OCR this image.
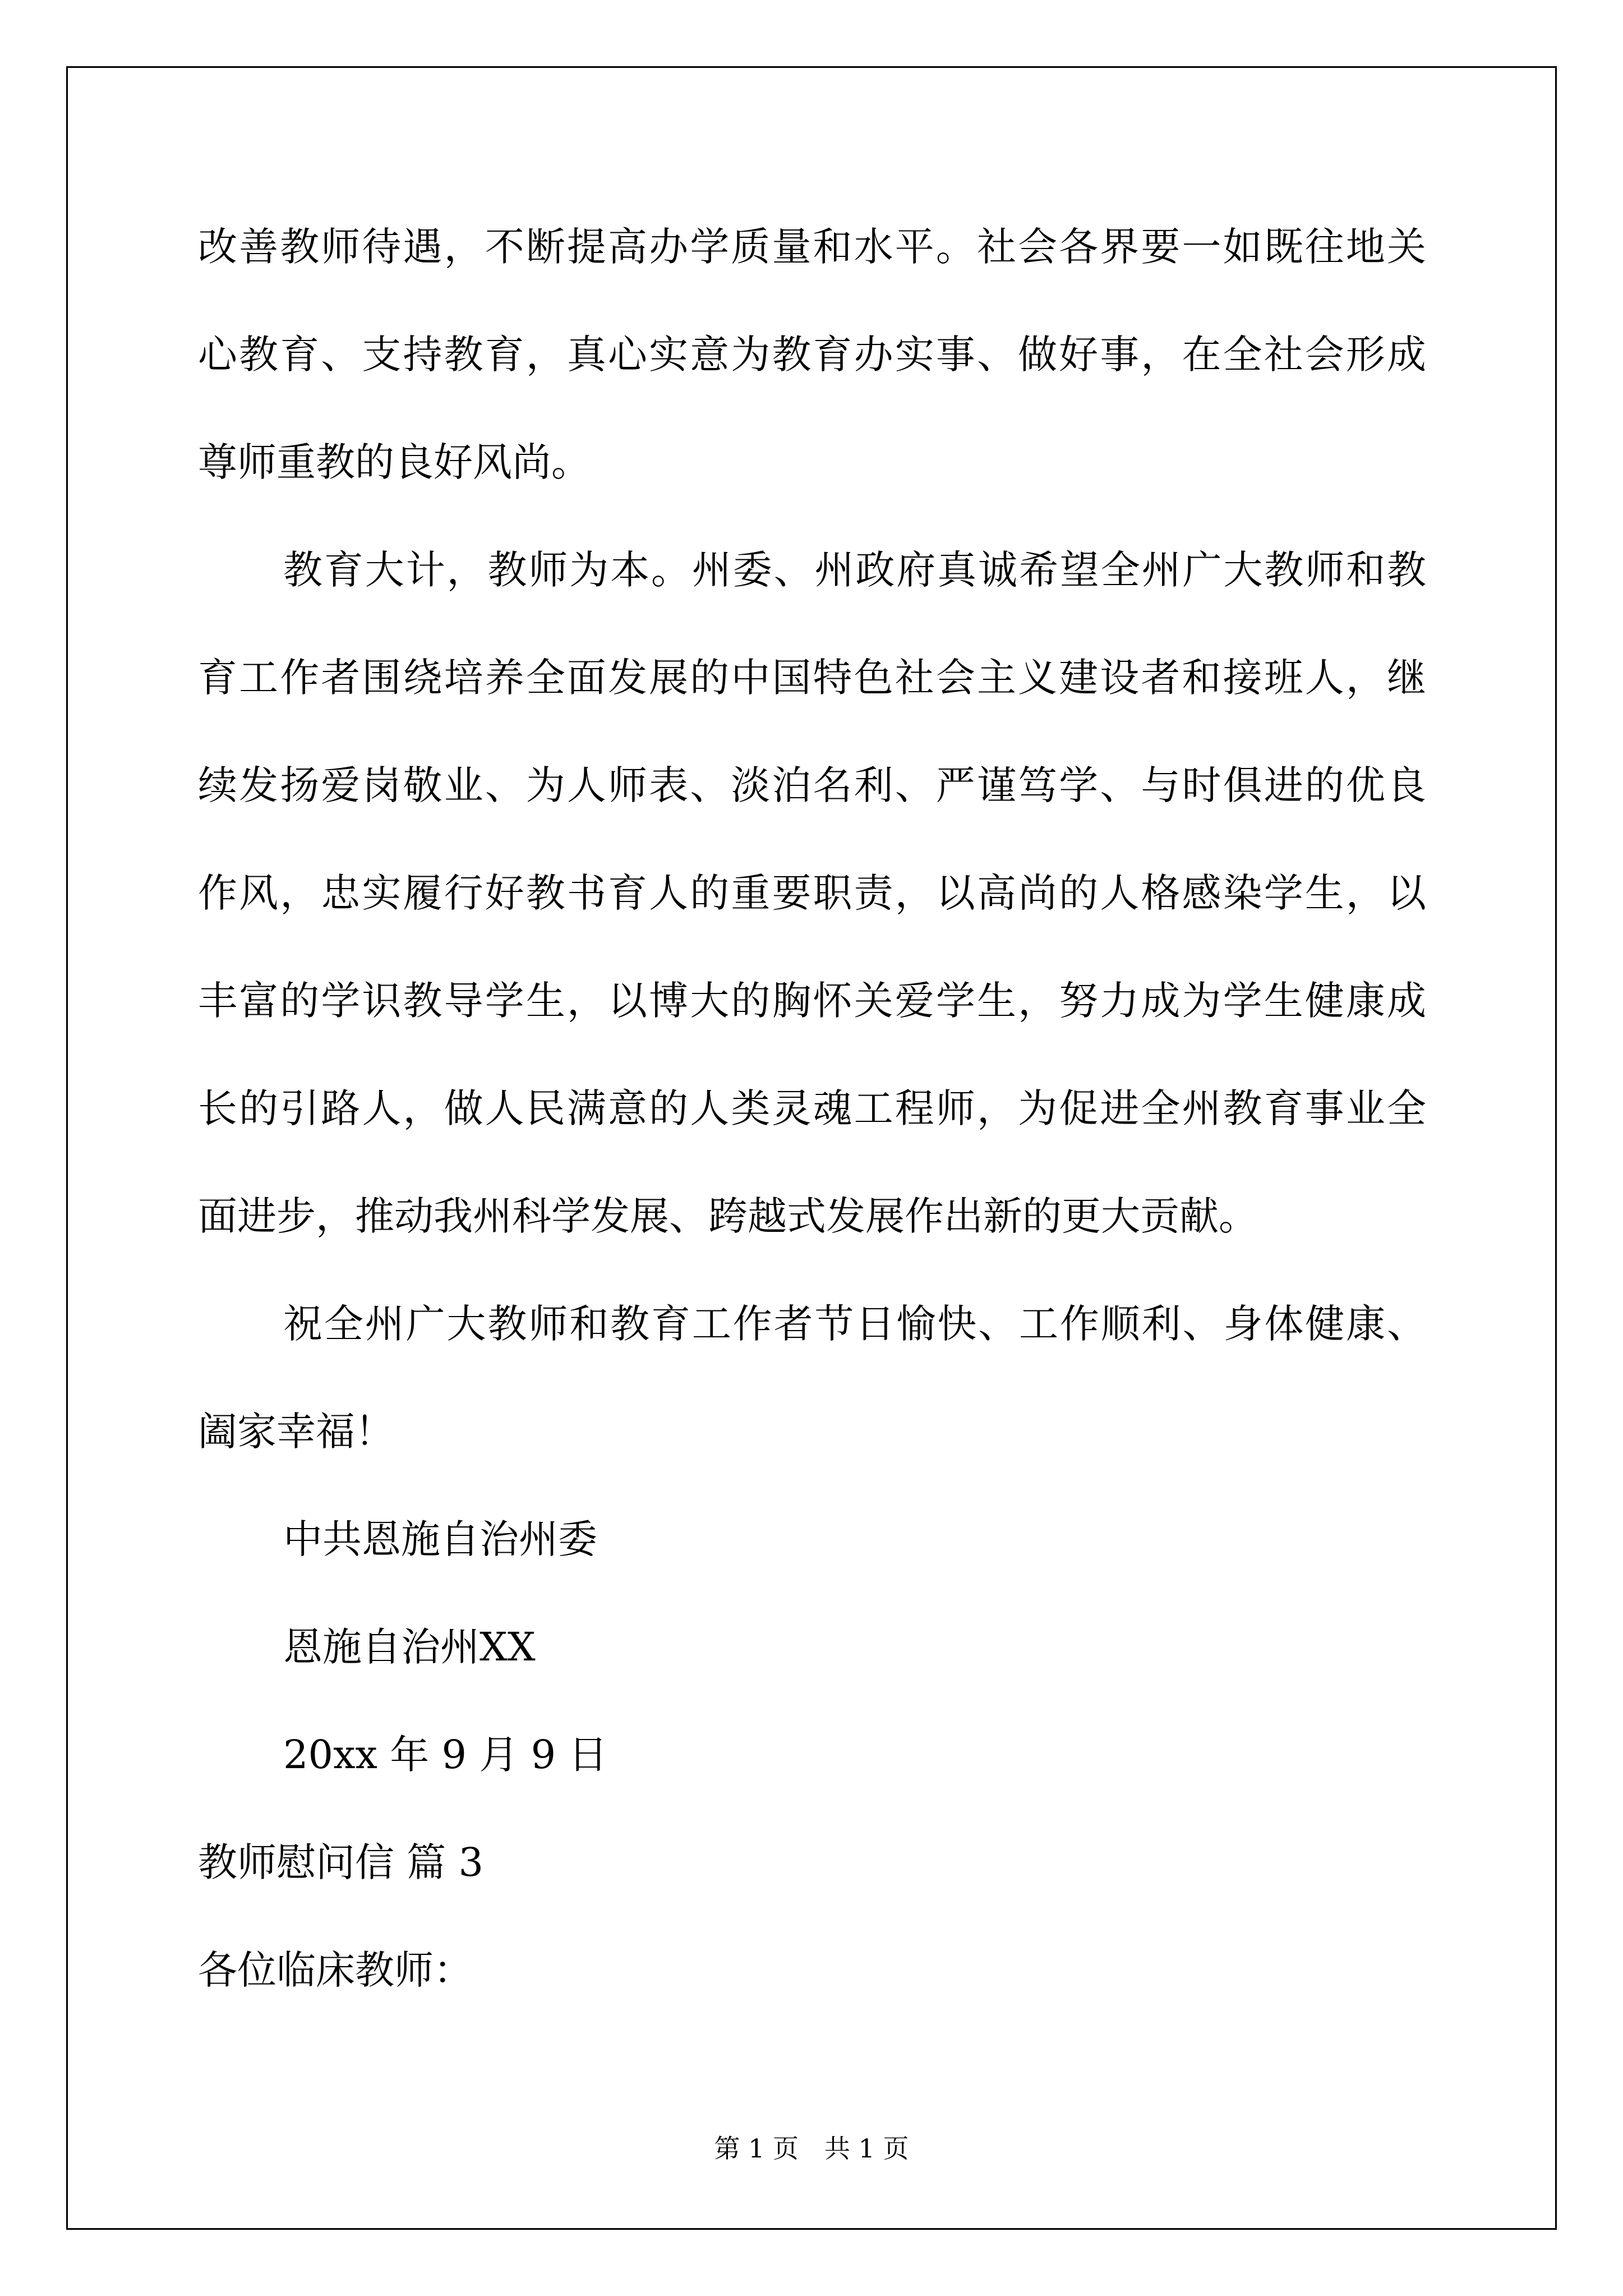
改善教师待遇，不断提高办学质量和水平。社会各界要一如既往地关
心教育、支持教育，真心实意为教育办实事、做好事，在全社会形成
尊师重教的良好风尚。
教育大计，教师为本。州委、州政府真诚希望全州广大教师和教
育工作者围绕培养全面发展的中国特色社会主义建设者和接班人，继
续发扬爱岗敬业、为人师表、淡泊名利、严谨笃学、与时俱进的优良
作风，忠实履行好教书育人的重要职责，以高尚的人格感染学生，以
丰富的学识教导学生，以博大的胸怀关爱学生，努力成为学生健康成
长的引路人，做人民满意的人类灵魂工程师，为促进全州教育事业全
面进步，推动我州科学发展、跨越式发展作出新的更大贡献。
祝全州广大教师和教育工作者节日愉快、工作顺利、身体健康、
阖家幸福！
中共恩施自治州委
恩施自治州XX
20xx 年 9 月 9 日
教师慰问信 篇 3
各位临床教师：
第 1 页　共 1 页
